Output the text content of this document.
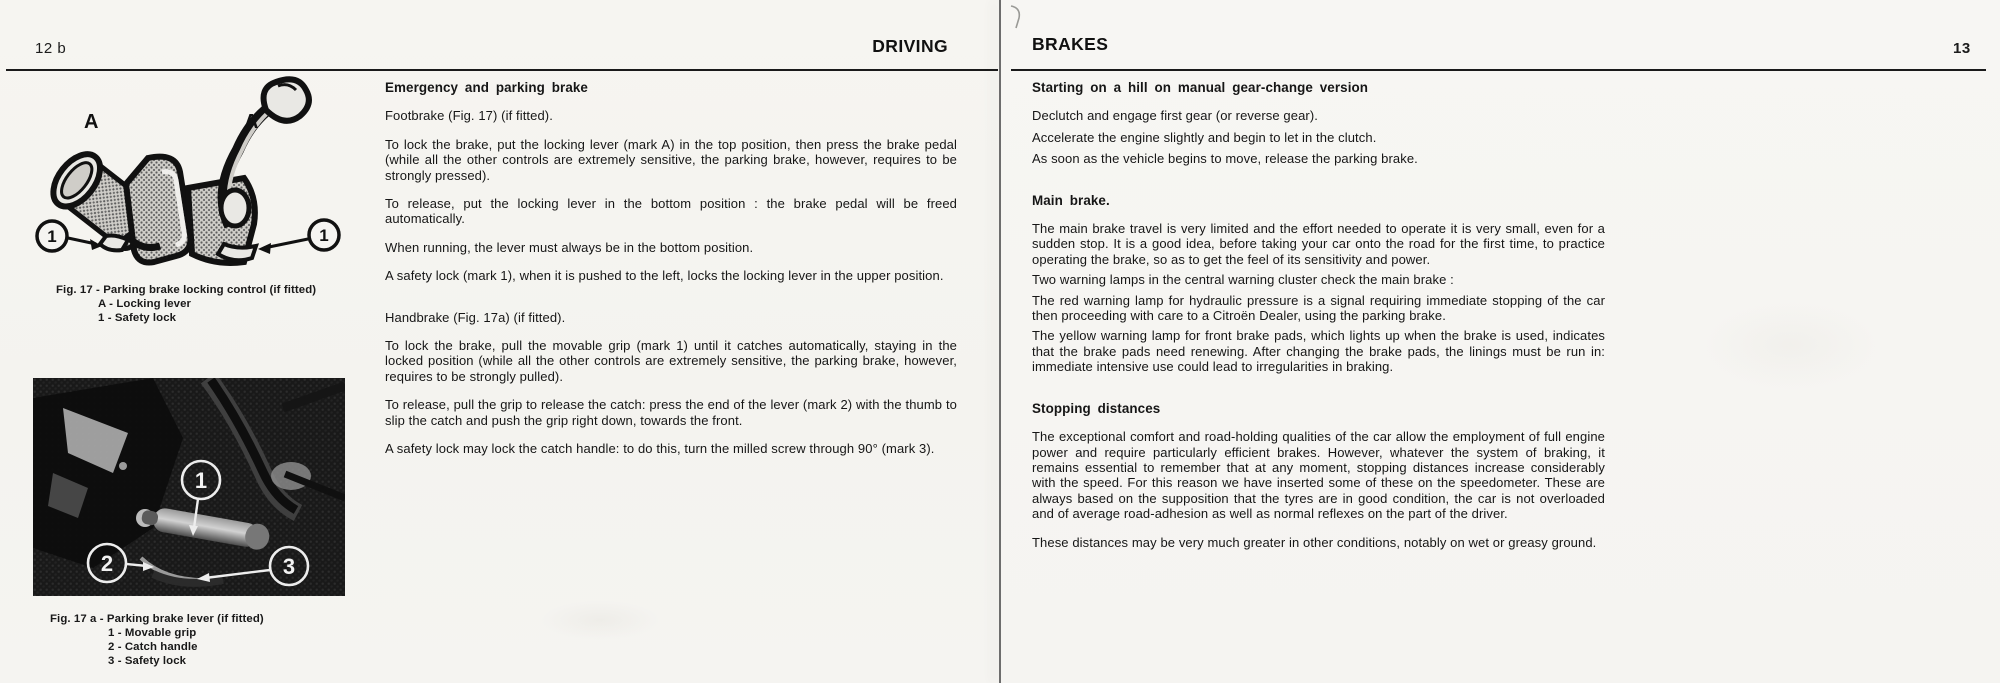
12 b	DRIVING
A	A
1	1
Fig. 17 - Parking brake locking control (if fitted)
A - Locking lever
1 - Safety lock
1
2	3
Fig. 17 a - Parking brake lever (if fitted)
1 - Movable grip
2 - Catch handle
3 - Safety lock
Emergency and parking brake
Footbrake (Fig. 17) (if fitted).

To lock the brake, put the locking lever (mark A) in the top position, then press the brake pedal (while all the other controls are extremely sensitive, the parking brake, however, requires to be strongly pressed).

To release, put the locking lever in the bottom position : the brake pedal will be freed automatically.

When running, the lever must always be in the bottom position.

A safety lock (mark 1), when it is pushed to the left, locks the locking lever in the upper position.

Handbrake (Fig. 17a) (if fitted).

To lock the brake, pull the movable grip (mark 1) until it catches automatically, staying in the locked position (while all the other controls are extremely sensitive, the parking brake, however, requires to be strongly pulled).

To release, pull the grip to release the catch: press the end of the lever (mark 2) with the thumb to slip the catch and push the grip right down, towards the front.

A safety lock may lock the catch handle: to do this, turn the milled screw through 90° (mark 3).

BRAKES	13
Starting on a hill on manual gear-change version

Declutch and engage first gear (or reverse gear).

Accelerate the engine slightly and begin to let in the clutch.

As soon as the vehicle begins to move, release the parking brake.

Main brake.

The main brake travel is very limited and the effort needed to operate it is very small, even for a sudden stop. It is a good idea, before taking your car onto the road for the first time, to practice operating the brake, so as to get the feel of its sensitivity and power.

Two warning lamps in the central warning cluster check the main brake :

The red warning lamp for hydraulic pressure is a signal requiring immediate stopping of the car then proceeding with care to a Citroën Dealer, using the parking brake.

The yellow warning lamp for front brake pads, which lights up when the brake is used, indicates that the brake pads need renewing. After changing the brake pads, the linings must be run in: immediate intensive use could lead to irregularities in braking.

Stopping distances

The exceptional comfort and road-holding qualities of the car allow the employment of full engine power and require particularly efficient brakes. However, whatever the system of braking, it remains essential to remember that at any moment, stopping distances increase considerably with the speed. For this reason we have inserted some of these on the speedometer. These are always based on the supposition that the tyres are in good condition, the car is not overloaded and of average road-adhesion as well as normal reflexes on the part of the driver.

These distances may be very much greater in other conditions, notably on wet or greasy ground.
